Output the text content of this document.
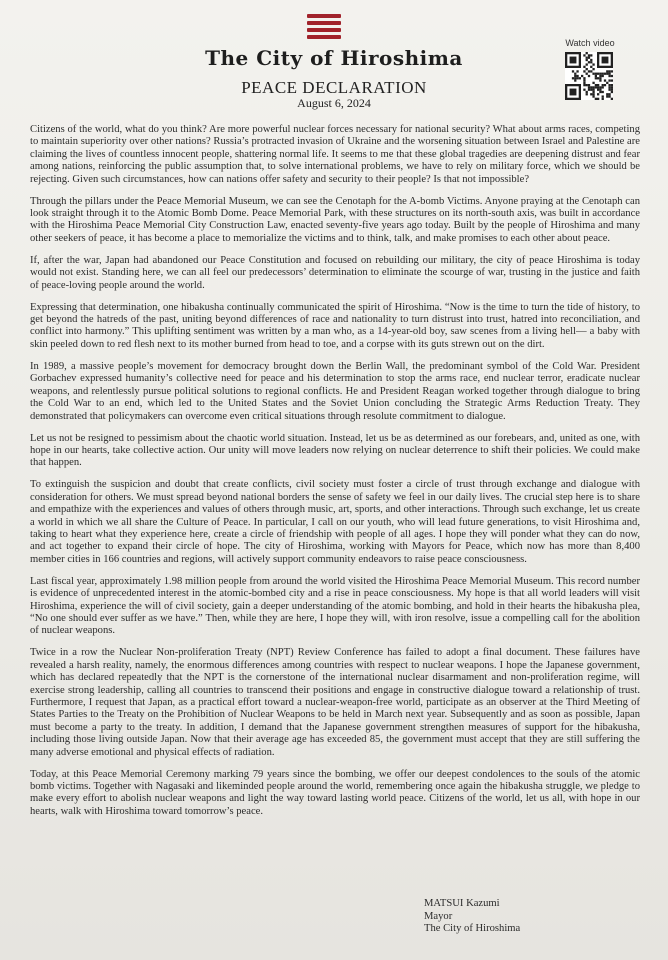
The City of Hiroshima
PEACE DECLARATION
August 6, 2024
Watch video

Citizens of the world, what do you think? Are more powerful nuclear forces necessary for national security? What about arms races, competing to maintain superiority over other nations? Russia’s protracted invasion of Ukraine and the worsening situation between Israel and Palestine are claiming the lives of countless innocent people, shattering normal life. It seems to me that these global tragedies are deepening distrust and fear among nations, reinforcing the public assumption that, to solve international problems, we have to rely on military force, which we should be rejecting. Given such circumstances, how can nations offer safety and security to their people? Is that not impossible?

Through the pillars under the Peace Memorial Museum, we can see the Cenotaph for the A-bomb Victims. Anyone praying at the Cenotaph can look straight through it to the Atomic Bomb Dome. Peace Memorial Park, with these structures on its north-south axis, was built in accordance with the Hiroshima Peace Memorial City Construction Law, enacted seventy-five years ago today. Built by the people of Hiroshima and many other seekers of peace, it has become a place to memorialize the victims and to think, talk, and make promises to each other about peace.

If, after the war, Japan had abandoned our Peace Constitution and focused on rebuilding our military, the city of peace Hiroshima is today would not exist. Standing here, we can all feel our predecessors’ determination to eliminate the scourge of war, trusting in the justice and faith of peace-loving people around the world.

Expressing that determination, one hibakusha continually communicated the spirit of Hiroshima. “Now is the time to turn the tide of history, to get beyond the hatreds of the past, uniting beyond differences of race and nationality to turn distrust into trust, hatred into reconciliation, and conflict into harmony.” This uplifting sentiment was written by a man who, as a 14-year-old boy, saw scenes from a living hell— a baby with skin peeled down to red flesh next to its mother burned from head to toe, and a corpse with its guts strewn out on the dirt.

In 1989, a massive people’s movement for democracy brought down the Berlin Wall, the predominant symbol of the Cold War. President Gorbachev expressed humanity’s collective need for peace and his determination to stop the arms race, end nuclear terror, eradicate nuclear weapons, and relentlessly pursue political solutions to regional conflicts. He and President Reagan worked together through dialogue to bring the Cold War to an end, which led to the United States and the Soviet Union concluding the Strategic Arms Reduction Treaty. They demonstrated that policymakers can overcome even critical situations through resolute commitment to dialogue.

Let us not be resigned to pessimism about the chaotic world situation. Instead, let us be as determined as our forebears, and, united as one, with hope in our hearts, take collective action. Our unity will move leaders now relying on nuclear deterrence to shift their policies. We could make that happen.

To extinguish the suspicion and doubt that create conflicts, civil society must foster a circle of trust through exchange and dialogue with consideration for others. We must spread beyond national borders the sense of safety we feel in our daily lives. The crucial step here is to share and empathize with the experiences and values of others through music, art, sports, and other interactions. Through such exchange, let us create a world in which we all share the Culture of Peace. In particular, I call on our youth, who will lead future generations, to visit Hiroshima and, taking to heart what they experience here, create a circle of friendship with people of all ages. I hope they will ponder what they can do now, and act together to expand their circle of hope. The city of Hiroshima, working with Mayors for Peace, which now has more than 8,400 member cities in 166 countries and regions, will actively support community endeavors to raise peace consciousness.

Last fiscal year, approximately 1.98 million people from around the world visited the Hiroshima Peace Memorial Museum. This record number is evidence of unprecedented interest in the atomic-bombed city and a rise in peace consciousness. My hope is that all world leaders will visit Hiroshima, experience the will of civil society, gain a deeper understanding of the atomic bombing, and hold in their hearts the hibakusha plea, “No one should ever suffer as we have.” Then, while they are here, I hope they will, with iron resolve, issue a compelling call for the abolition of nuclear weapons.

Twice in a row the Nuclear Non-proliferation Treaty (NPT) Review Conference has failed to adopt a final document. These failures have revealed a harsh reality, namely, the enormous differences among countries with respect to nuclear weapons. I hope the Japanese government, which has declared repeatedly that the NPT is the cornerstone of the international nuclear disarmament and non-proliferation regime, will exercise strong leadership, calling all countries to transcend their positions and engage in constructive dialogue toward a relationship of trust. Furthermore, I request that Japan, as a practical effort toward a nuclear-weapon-free world, participate as an observer at the Third Meeting of States Parties to the Treaty on the Prohibition of Nuclear Weapons to be held in March next year. Subsequently and as soon as possible, Japan must become a party to the treaty. In addition, I demand that the Japanese government strengthen measures of support for the hibakusha, including those living outside Japan. Now that their average age has exceeded 85, the government must accept that they are still suffering the many adverse emotional and physical effects of radiation.

Today, at this Peace Memorial Ceremony marking 79 years since the bombing, we offer our deepest condolences to the souls of the atomic bomb victims. Together with Nagasaki and likeminded people around the world, remembering once again the hibakusha struggle, we pledge to make every effort to abolish nuclear weapons and light the way toward lasting world peace. Citizens of the world, let us all, with hope in our hearts, walk with Hiroshima toward tomorrow’s peace.

MATSUI Kazumi
Mayor
The City of Hiroshima
